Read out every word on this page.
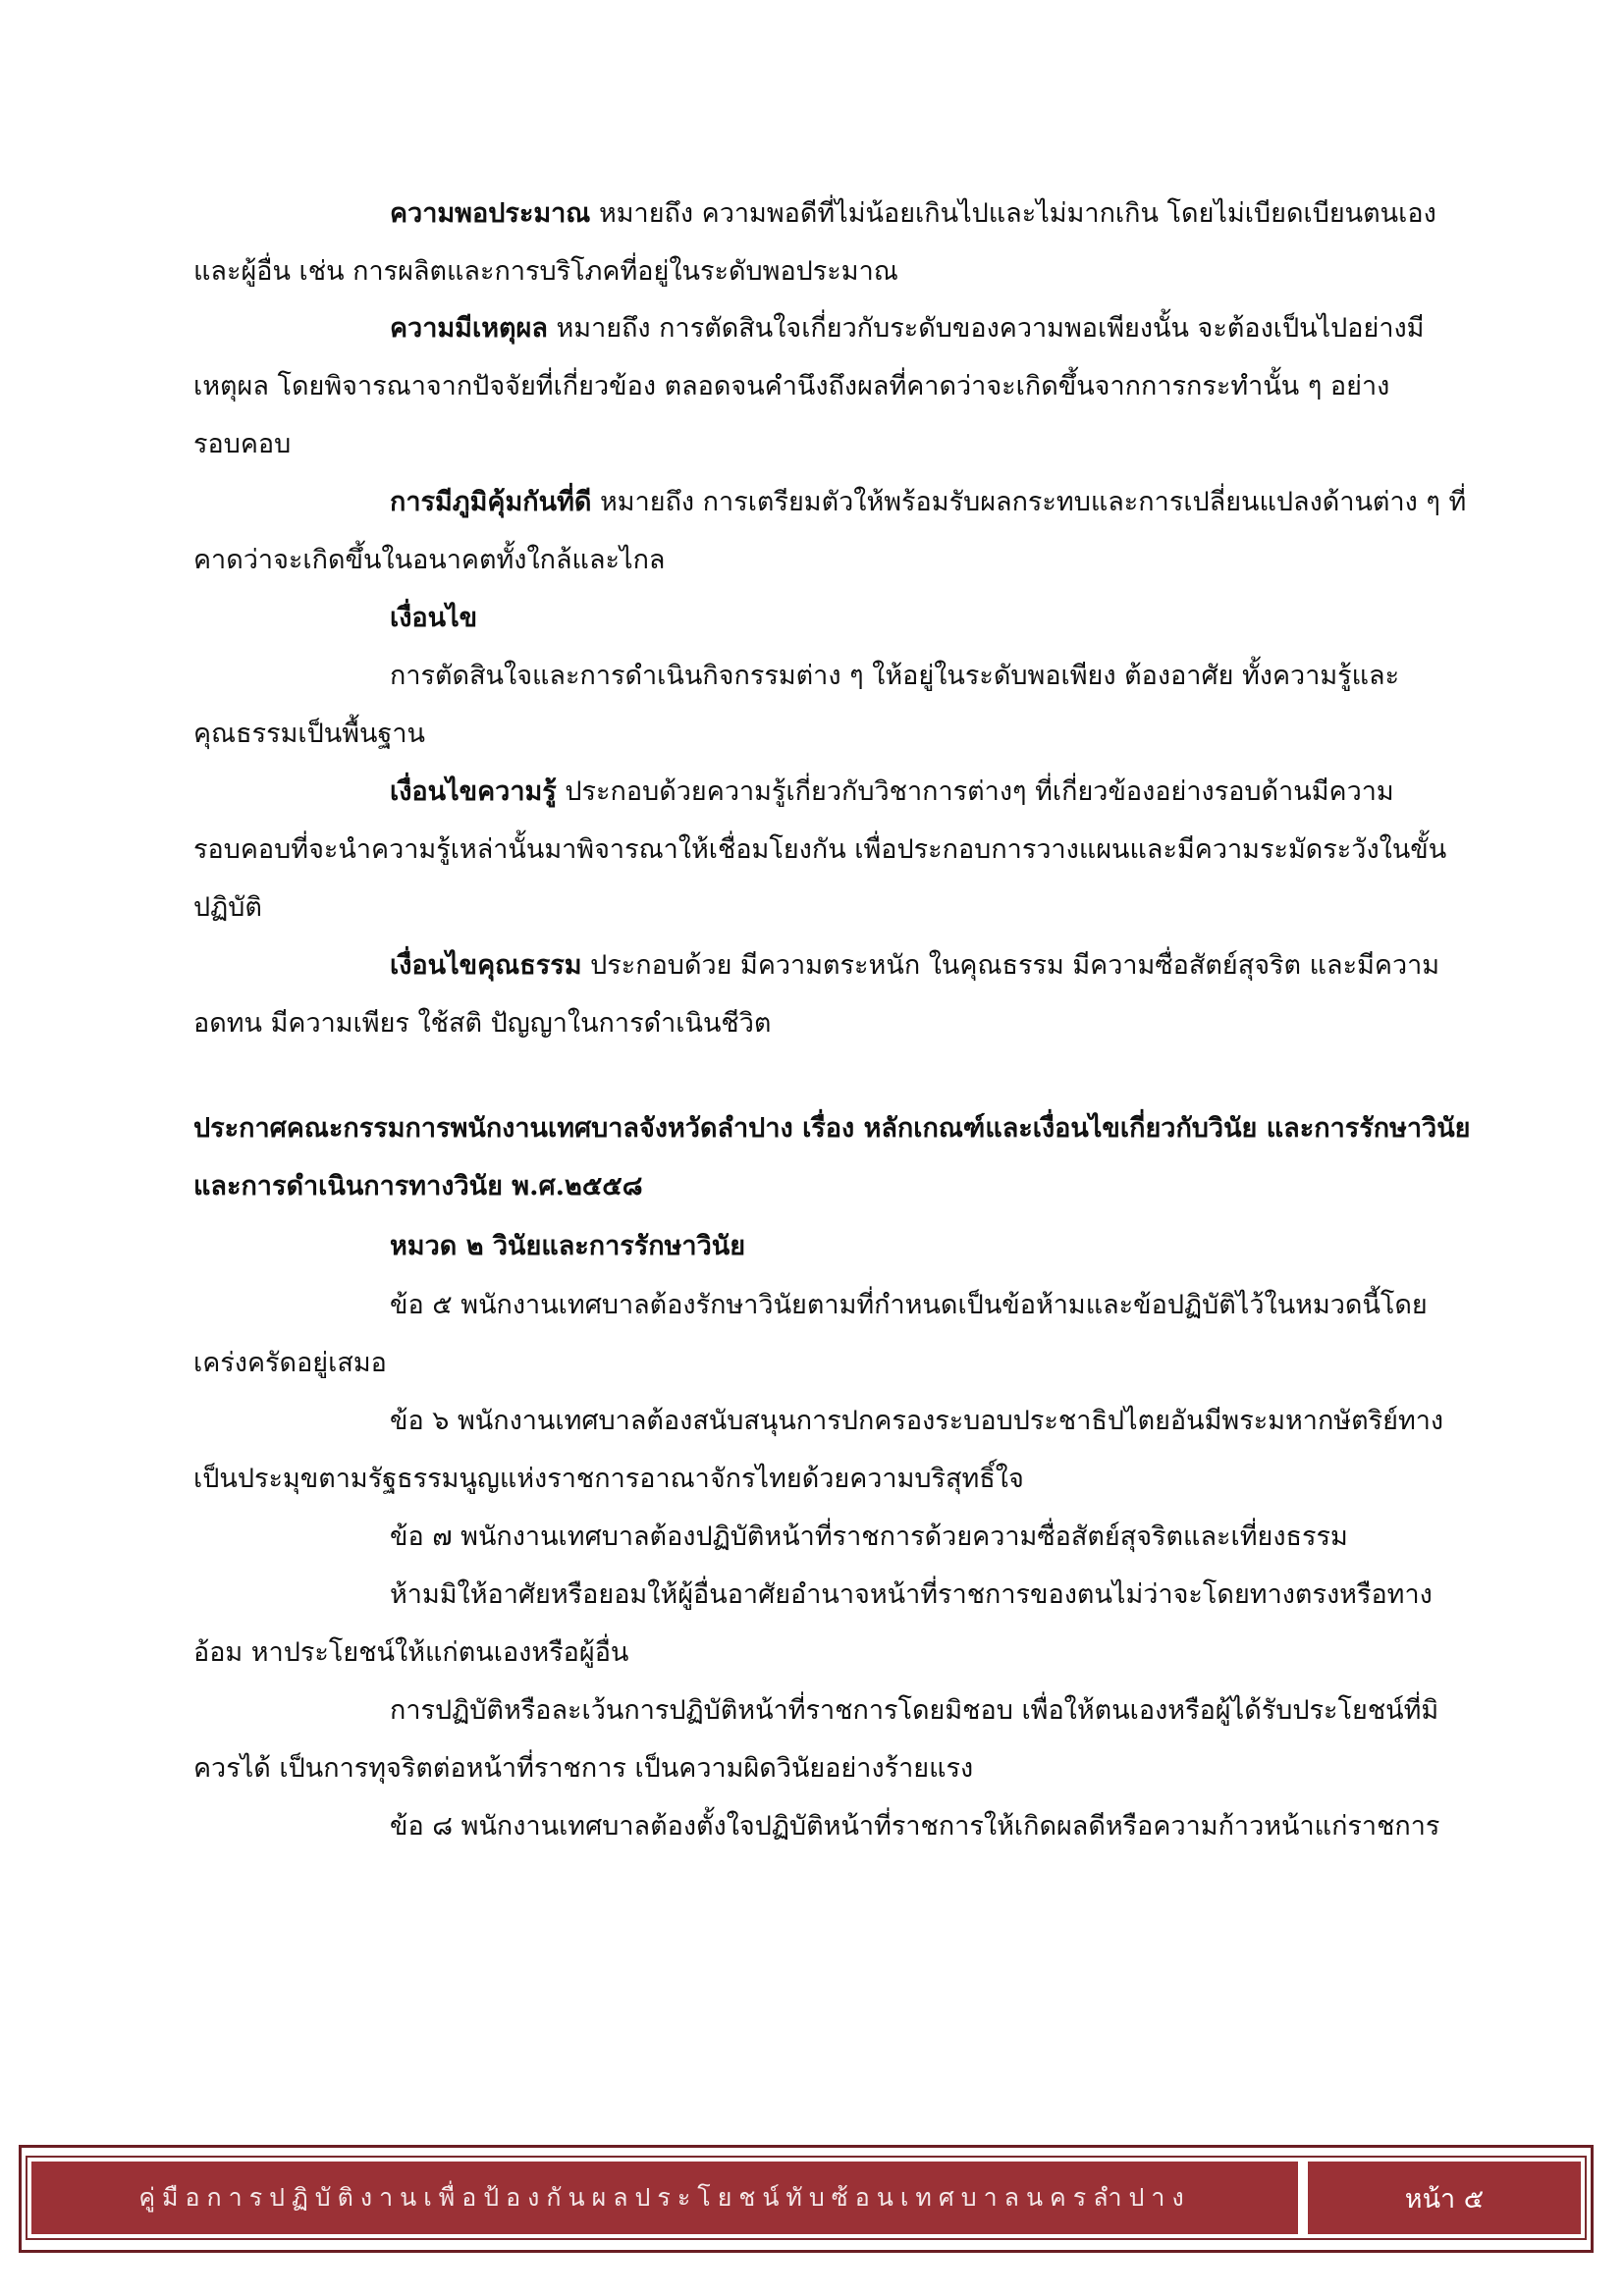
ความพอประมาณ หมายถึง ความพอดีที่ไม่น้อยเกินไปและไม่มากเกิน โดยไม่เบียดเบียนตนเองและผู้อื่น เช่น การผลิตและการบริโภคที่อยู่ในระดับพอประมาณ

ความมีเหตุผล หมายถึง การตัดสินใจเกี่ยวกับระดับของความพอเพียงนั้น จะต้องเป็นไปอย่างมีเหตุผล โดยพิจารณาจากปัจจัยที่เกี่ยวข้อง ตลอดจนคำนึงถึงผลที่คาดว่าจะเกิดขึ้นจากการกระทำนั้น ๆ อย่างรอบคอบ

การมีภูมิคุ้มกันที่ดี หมายถึง การเตรียมตัวให้พร้อมรับผลกระทบและการเปลี่ยนแปลงด้านต่าง ๆ ที่คาดว่าจะเกิดขึ้นในอนาคตทั้งใกล้และไกล

เงื่อนไข

การตัดสินใจและการดำเนินกิจกรรมต่าง ๆ ให้อยู่ในระดับพอเพียง ต้องอาศัย ทั้งความรู้และคุณธรรมเป็นพื้นฐาน

เงื่อนไขความรู้ ประกอบด้วยความรู้เกี่ยวกับวิชาการต่างๆ ที่เกี่ยวข้องอย่างรอบด้านมีความรอบคอบที่จะนำความรู้เหล่านั้นมาพิจารณาให้เชื่อมโยงกัน เพื่อประกอบการวางแผนและมีความระมัดระวังในขั้นปฏิบัติ

เงื่อนไขคุณธรรม ประกอบด้วย มีความตระหนัก ในคุณธรรม มีความซื่อสัตย์สุจริต และมีความอดทน มีความเพียร ใช้สติ ปัญญาในการดำเนินชีวิต

ประกาศคณะกรรมการพนักงานเทศบาลจังหวัดลำปาง เรื่อง หลักเกณฑ์และเงื่อนไขเกี่ยวกับวินัย และการรักษาวินัย และการดำเนินการทางวินัย พ.ศ.๒๕๕๘

หมวด ๒ วินัยและการรักษาวินัย

ข้อ ๕ พนักงานเทศบาลต้องรักษาวินัยตามที่กำหนดเป็นข้อห้ามและข้อปฏิบัติไว้ในหมวดนี้โดยเคร่งครัดอยู่เสมอ

ข้อ ๖ พนักงานเทศบาลต้องสนับสนุนการปกครองระบอบประชาธิปไตยอันมีพระมหากษัตริย์ทางเป็นประมุขตามรัฐธรรมนูญแห่งราชการอาณาจักรไทยด้วยความบริสุทธิ์ใจ

ข้อ ๗ พนักงานเทศบาลต้องปฏิบัติหน้าที่ราชการด้วยความซื่อสัตย์สุจริตและเที่ยงธรรม

ห้ามมิให้อาศัยหรือยอมให้ผู้อื่นอาศัยอำนาจหน้าที่ราชการของตนไม่ว่าจะโดยทางตรงหรือทางอ้อม หาประโยชน์ให้แก่ตนเองหรือผู้อื่น

การปฏิบัติหรือละเว้นการปฏิบัติหน้าที่ราชการโดยมิชอบ เพื่อให้ตนเองหรือผู้ได้รับประโยชน์ที่มิควรได้ เป็นการทุจริตต่อหน้าที่ราชการ เป็นความผิดวินัยอย่างร้ายแรง

ข้อ ๘ พนักงานเทศบาลต้องตั้งใจปฏิบัติหน้าที่ราชการให้เกิดผลดีหรือความก้าวหน้าแก่ราชการ

คู่มือการปฏิบัติงานเพื่อป้องกันผลประโยชน์ทับซ้อนเทศบาลนครลำปาง	หน้า ๕
